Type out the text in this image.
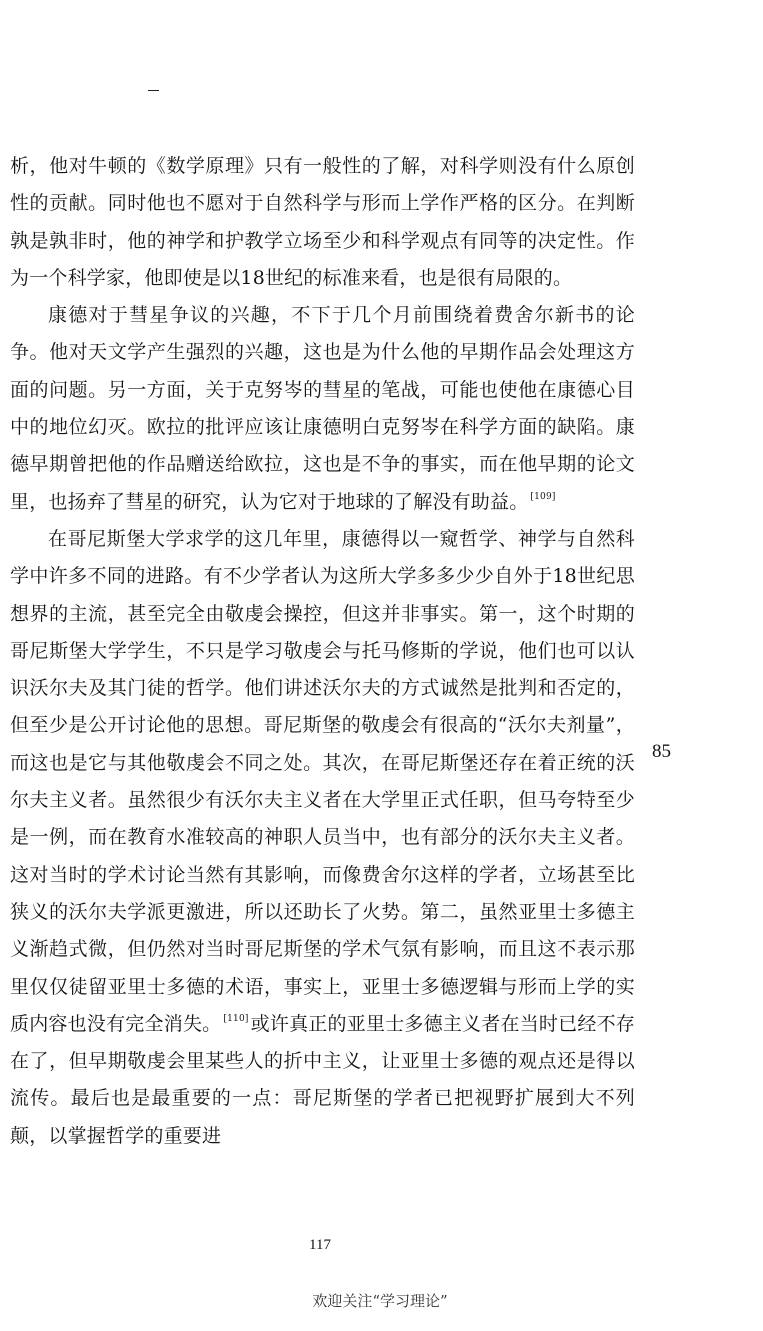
析，他对牛顿的《数学原理》只有一般性的了解，对科学则没有什么原创性的贡献。同时他也不愿对于自然科学与形而上学作严格的区分。在判断孰是孰非时，他的神学和护教学立场至少和科学观点有同等的决定性。作为一个科学家，他即使是以18世纪的标准来看，也是很有局限的。

康德对于彗星争议的兴趣，不下于几个月前围绕着费舍尔新书的论争。他对天文学产生强烈的兴趣，这也是为什么他的早期作品会处理这方面的问题。另一方面，关于克努岑的彗星的笔战，可能也使他在康德心目中的地位幻灭。欧拉的批评应该让康德明白克努岑在科学方面的缺陷。康德早期曾把他的作品赠送给欧拉，这也是不争的事实，而在他早期的论文里，也扬弃了彗星的研究，认为它对于地球的了解没有助益。 [109]

在哥尼斯堡大学求学的这几年里，康德得以一窥哲学、神学与自然科学中许多不同的进路。有不少学者认为这所大学多多少少自外于18世纪思想界的主流，甚至完全由敬虔会操控，但这并非事实。第一，这个时期的哥尼斯堡大学学生，不只是学习敬虔会与托马修斯的学说，他们也可以认识沃尔夫及其门徒的哲学。他们讲述沃尔夫的方式诚然是批判和否定的，但至少是公开讨论他的思想。哥尼斯堡的敬虔会有很高的“沃尔夫剂量”，而这也是它与其他敬虔会不同之处。其次，在哥尼斯堡还存在着正统的沃尔夫主义者。虽然很少有沃尔夫主义者在大学里正式任职，但马夸特至少是一例，而在教育水准较高的神职人员当中，也有部分的沃尔夫主义者。这对当时的学术讨论当然有其影响，而像费舍尔这样的学者，立场甚至比狭义的沃尔夫学派更激进，所以还助长了火势。第二，虽然亚里士多德主义渐趋式微，但仍然对当时哥尼斯堡的学术气氛有影响，而且这不表示那里仅仅徒留亚里士多德的术语，事实上，亚里士多德逻辑与形而上学的实质内容也没有完全消失。 [110] 或许真正的亚里士多德主义者在当时已经不存在了，但早期敬虔会里某些人的折中主义，让亚里士多德的观点还是得以流传。最后也是最重要的一点：哥尼斯堡的学者已把视野扩展到大不列颠，以掌握哲学的重要进

85
117
欢迎关注“学习理论”
